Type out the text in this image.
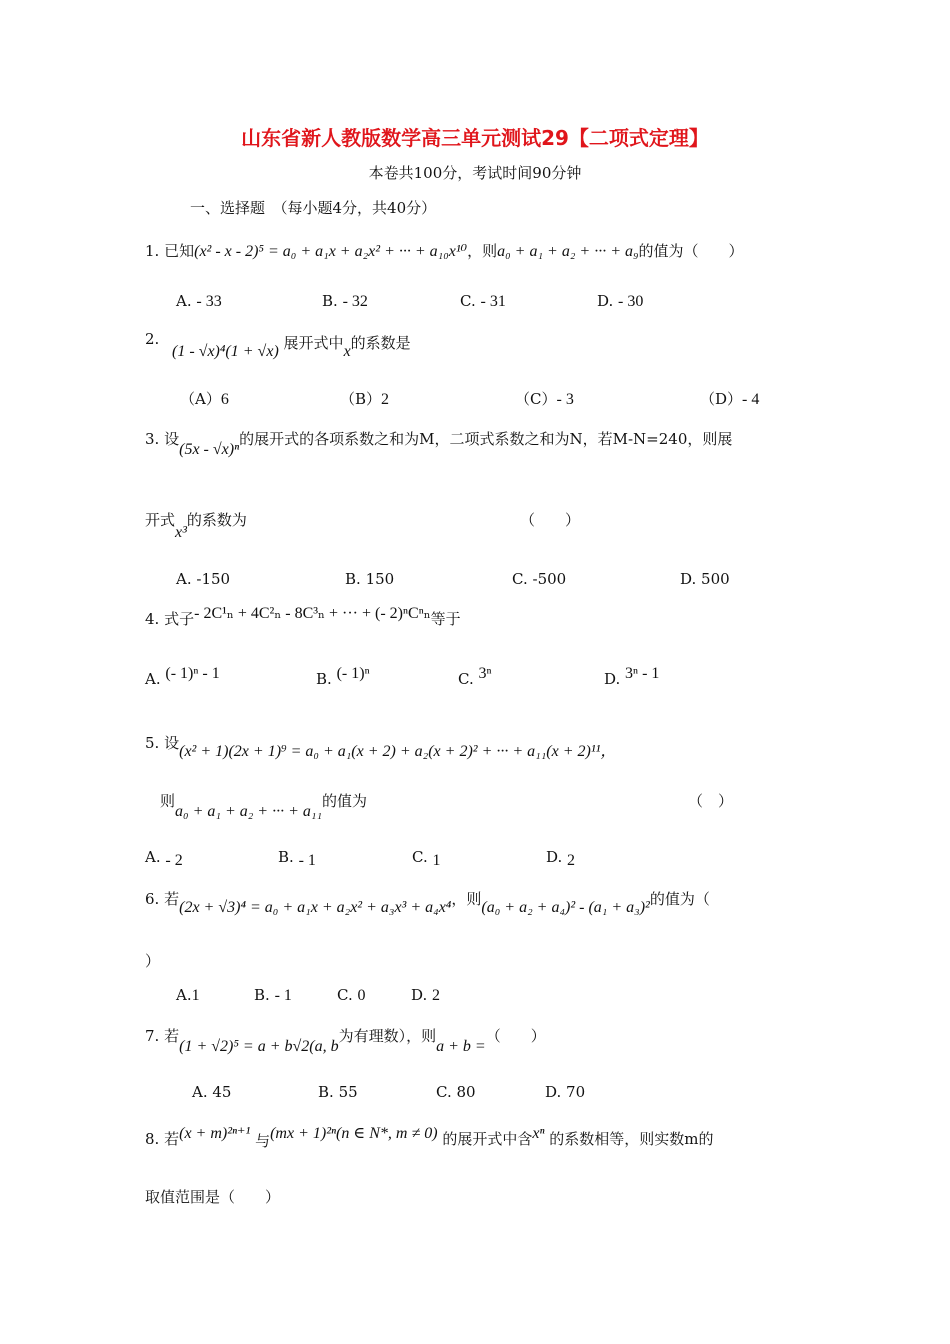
山东省新人教版数学高三单元测试29【二项式定理】
本卷共100分，考试时间90分钟
一、选择题　（每小题4分，共40分）
1. 已知(x² - x - 2)⁵ = a₀ + a₁x + a₂x² + ··· + a₁₀x¹⁰，则a₀ + a₁ + a₂ + ··· + a₉的值为（　　）
A. - 33	B. - 32	C. - 31	D. - 30
2.
(1 - √x)⁴(1 + √x) 展开式中x的系数是
（A）6	（B）2	（C）- 3	（D）- 4
3. 设(5x - √x)ⁿ的展开式的各项系数之和为M，二项式系数之和为N，若M-N=240，则展
开式x³的系数为	（　　）
A. -150	B. 150	C. -500	D. 500
4. 式子- 2C¹ₙ + 4C²ₙ - 8C³ₙ + ··· + (- 2)ⁿCⁿₙ等于
A. (- 1)ⁿ - 1	B. (- 1)ⁿ	C. 3ⁿ	D. 3ⁿ - 1
5. 设(x² + 1)(2x + 1)⁹ = a₀ + a₁(x + 2) + a₂(x + 2)² + ··· + a₁₁(x + 2)¹¹，
则a₀ + a₁ + a₂ + ··· + a₁₁的值为	（　）
A. - 2	B. - 1	C. 1	D. 2
6. 若(2x + √3)⁴ = a₀ + a₁x + a₂x² + a₃x³ + a₄x⁴，则(a₀ + a₂ + a₄)² - (a₁ + a₃)²的值为（
）
A.1	B. - 1	C. 0	D. 2
7. 若(1 + √2)⁵ = a + b√2(a, b为有理数），则a + b =（　　）
A. 45	B. 55	C. 80	D. 70
8. 若(x + m)²ⁿ⁺¹ 与(mx + 1)²ⁿ(n ∈ N*, m ≠ 0) 的展开式中含xⁿ 的系数相等，则实数m的
取值范围是（　　）
